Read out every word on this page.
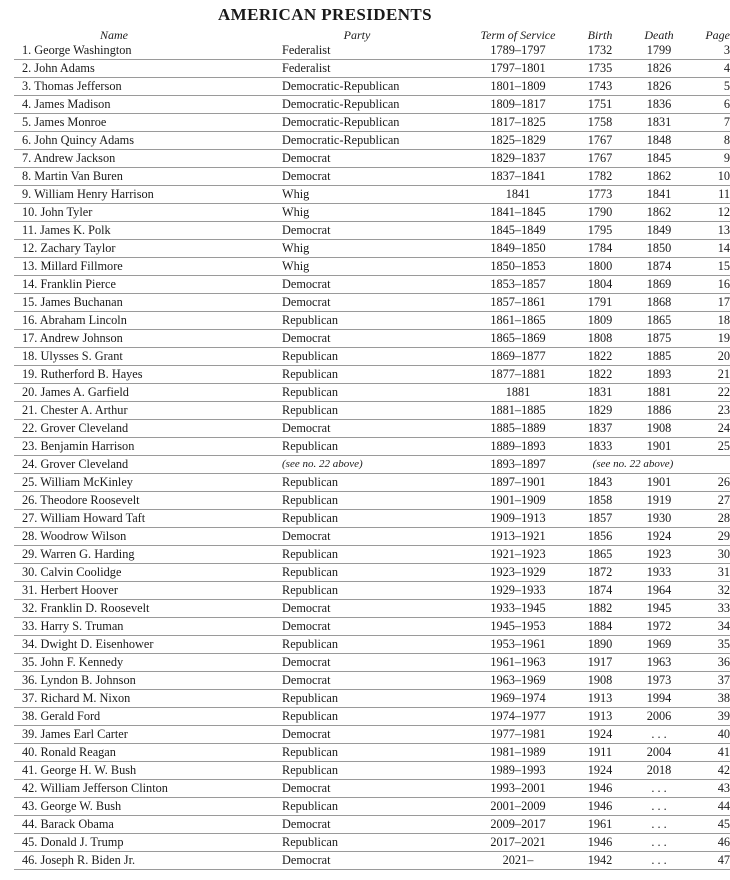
AMERICAN PRESIDENTS
Name	Party	Term of Service	Birth	Death	Page
1. George Washington	Federalist	1789–1797	1732	1799	3
2. John Adams	Federalist	1797–1801	1735	1826	4
3. Thomas Jefferson	Democratic-Republican	1801–1809	1743	1826	5
4. James Madison	Democratic-Republican	1809–1817	1751	1836	6
5. James Monroe	Democratic-Republican	1817–1825	1758	1831	7
6. John Quincy Adams	Democratic-Republican	1825–1829	1767	1848	8
7. Andrew Jackson	Democrat	1829–1837	1767	1845	9
8. Martin Van Buren	Democrat	1837–1841	1782	1862	10
9. William Henry Harrison	Whig	1841	1773	1841	11
10. John Tyler	Whig	1841–1845	1790	1862	12
11. James K. Polk	Democrat	1845–1849	1795	1849	13
12. Zachary Taylor	Whig	1849–1850	1784	1850	14
13. Millard Fillmore	Whig	1850–1853	1800	1874	15
14. Franklin Pierce	Democrat	1853–1857	1804	1869	16
15. James Buchanan	Democrat	1857–1861	1791	1868	17
16. Abraham Lincoln	Republican	1861–1865	1809	1865	18
17. Andrew Johnson	Democrat	1865–1869	1808	1875	19
18. Ulysses S. Grant	Republican	1869–1877	1822	1885	20
19. Rutherford B. Hayes	Republican	1877–1881	1822	1893	21
20. James A. Garfield	Republican	1881	1831	1881	22
21. Chester A. Arthur	Republican	1881–1885	1829	1886	23
22. Grover Cleveland	Democrat	1885–1889	1837	1908	24
23. Benjamin Harrison	Republican	1889–1893	1833	1901	25
24. Grover Cleveland	(see no. 22 above)	1893–1897	(see no. 22 above)		
25. William McKinley	Republican	1897–1901	1843	1901	26
26. Theodore Roosevelt	Republican	1901–1909	1858	1919	27
27. William Howard Taft	Republican	1909–1913	1857	1930	28
28. Woodrow Wilson	Democrat	1913–1921	1856	1924	29
29. Warren G. Harding	Republican	1921–1923	1865	1923	30
30. Calvin Coolidge	Republican	1923–1929	1872	1933	31
31. Herbert Hoover	Republican	1929–1933	1874	1964	32
32. Franklin D. Roosevelt	Democrat	1933–1945	1882	1945	33
33. Harry S. Truman	Democrat	1945–1953	1884	1972	34
34. Dwight D. Eisenhower	Republican	1953–1961	1890	1969	35
35. John F. Kennedy	Democrat	1961–1963	1917	1963	36
36. Lyndon B. Johnson	Democrat	1963–1969	1908	1973	37
37. Richard M. Nixon	Republican	1969–1974	1913	1994	38
38. Gerald Ford	Republican	1974–1977	1913	2006	39
39. James Earl Carter	Democrat	1977–1981	1924	. . .	40
40. Ronald Reagan	Republican	1981–1989	1911	2004	41
41. George H. W. Bush	Republican	1989–1993	1924	2018	42
42. William Jefferson Clinton	Democrat	1993–2001	1946	. . .	43
43. George W. Bush	Republican	2001–2009	1946	. . .	44
44. Barack Obama	Democrat	2009–2017	1961	. . .	45
45. Donald J. Trump	Republican	2017–2021	1946	. . .	46
46. Joseph R. Biden Jr.	Democrat	2021–	1942	. . .	47
